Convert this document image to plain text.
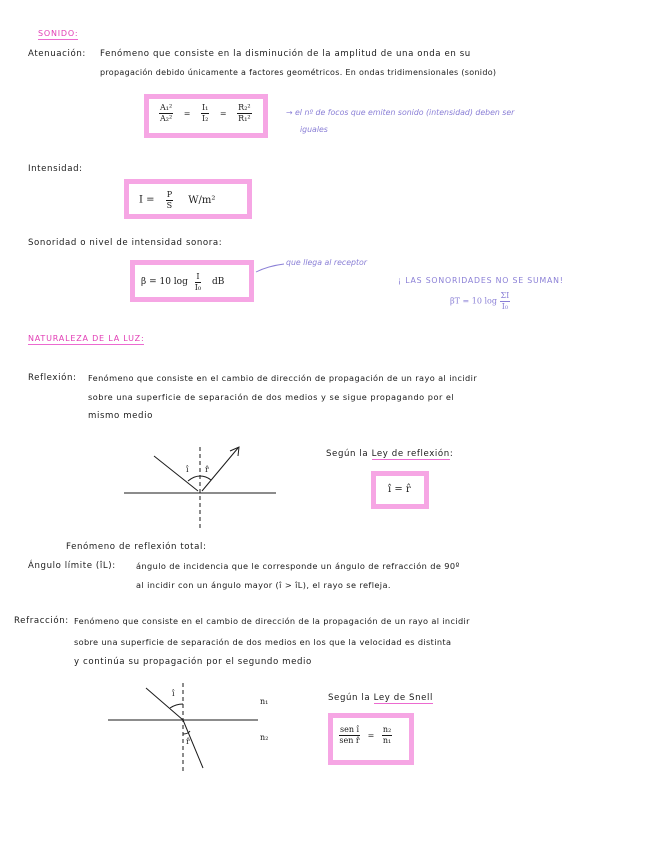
SONIDO:
Atenuación: Fenómeno que consiste en la disminución de la amplitud de una onda en su
propagación debido únicamente a factores geométricos. En ondas tridimensionales (sonido)
$\frac{\text{A₁²}}{\text{A₂²}} = \frac{\text{I₁}}{\text{I₂}} = \frac{\text{R₂²}}{\text{R₁²}}$	→ el nº de focos que emiten sonido (intensidad) deben ser
iguales
Intensidad:
$I = \frac{P}{S} W/m^2$
Sonoridad o nivel de intensidad sonora:
β = 10 $\log \frac{I}{\text{I₀}}$ dB
que llega al receptor
¡ LAS SONORIDADES NO SE SUMAN!
βT = 10 $\log \frac{\Sigma I}{\text{I₀}}$
NATURALEZA DE LA LUZ:
Reflexión: Fenómeno que consiste en el cambio de dirección de propagación de un rayo al incidir
sobre una superficie de separación de dos medios y se sigue propagando por el
mismo medio
Según la Ley de reflexión:
î = r̂
Fenómeno de reflexión total:
Ángulo límite (îL): ángulo de incidencia que le corresponde un ángulo de refracción de 90º
al incidir con un ángulo mayor (î > îL), el rayo se refleja.
Refracción: Fenómeno que consiste en el cambio de dirección de la propagación de un rayo al incidir
sobre una superficie de separación de dos medios en los que la velocidad es distinta
y continúa su propagación por el segundo medio
Según la Ley de Snell
$\frac{\text{sen î}}{\text{sen r̂}} = \frac{\text{n₂}}{\text{n₁}}$
î r̂
î
r̂
n₁
n₂
